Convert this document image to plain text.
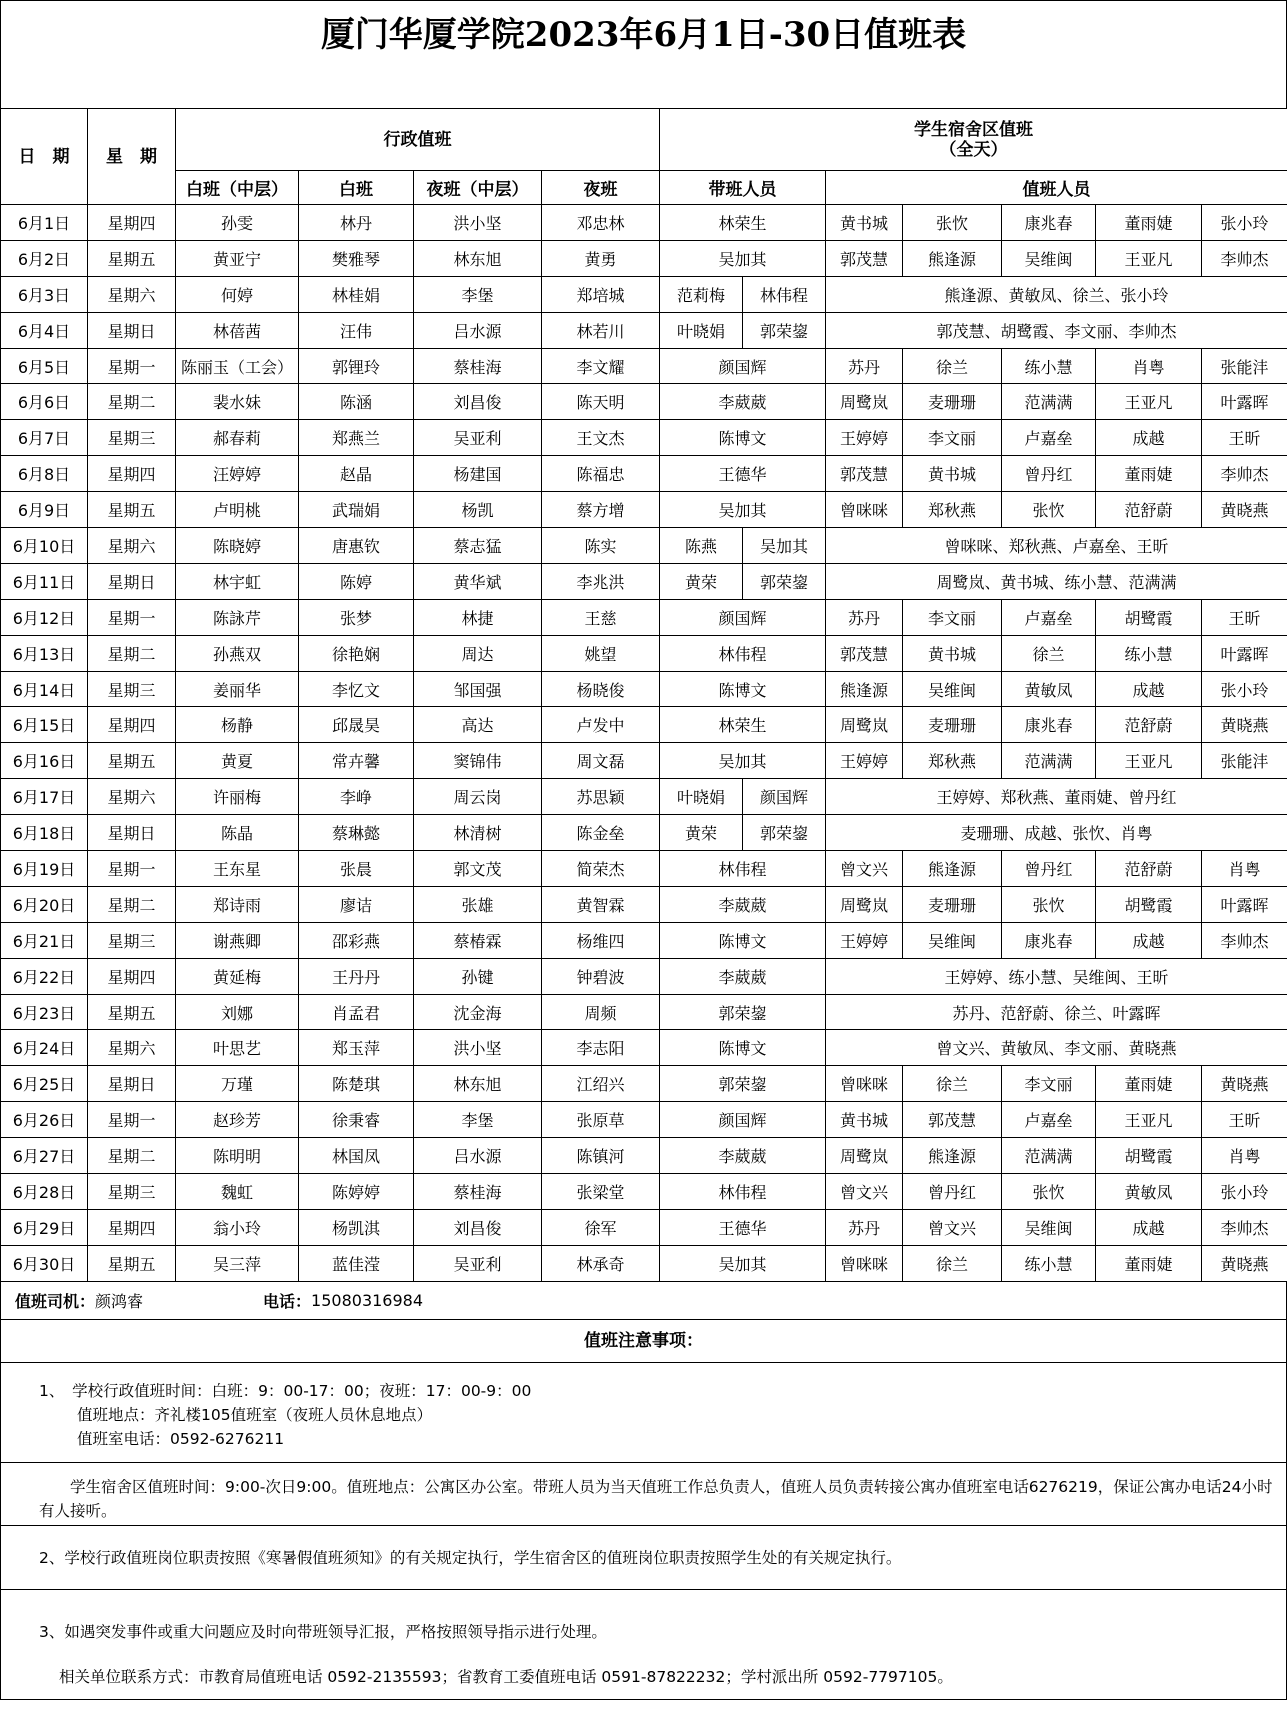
厦门华厦学院2023年6月1日-30日值班表
日　期	星　期	行政值班				学生宿舍区值班
（全天）						
		白班（中层）	白班	夜班（中层）	夜班	带班人员		值班人员				
6月1日	星期四	孙雯	林丹	洪小坚	邓忠林	林荣生		黄书城	张忺	康兆春	董雨婕	张小玲
6月2日	星期五	黄亚宁	樊雅琴	林东旭	黄勇	吴加其		郭茂慧	熊逢源	吴维闽	王亚凡	李帅杰
6月3日	星期六	何婷	林桂娟	李堡	郑培城	范莉梅	林伟程	熊逢源、黄敏凤、徐兰、张小玲				
6月4日	星期日	林蓓茜	汪伟	吕水源	林若川	叶晓娟	郭荣鋆	郭茂慧、胡鹭霞、李文丽、李帅杰				
6月5日	星期一	陈丽玉（工会）	郭锂玲	蔡桂海	李文耀	颜国辉		苏丹	徐兰	练小慧	肖粤	张能沣
6月6日	星期二	裴水妹	陈涵	刘昌俊	陈天明	李葳葳		周鹭岚	麦珊珊	范满满	王亚凡	叶露晖
6月7日	星期三	郝春莉	郑燕兰	吴亚利	王文杰	陈博文		王婷婷	李文丽	卢嘉垒	成越	王昕
6月8日	星期四	汪婷婷	赵晶	杨建国	陈福忠	王德华		郭茂慧	黄书城	曾丹红	董雨婕	李帅杰
6月9日	星期五	卢明桃	武瑞娟	杨凯	蔡方增	吴加其		曾咪咪	郑秋燕	张忺	范舒蔚	黄晓燕
6月10日	星期六	陈晓婷	唐惠钦	蔡志猛	陈实	陈燕	吴加其	曾咪咪、郑秋燕、卢嘉垒、王昕				
6月11日	星期日	林宇虹	陈婷	黄华斌	李兆洪	黄荣	郭荣鋆	周鹭岚、黄书城、练小慧、范满满				
6月12日	星期一	陈詠芹	张梦	林捷	王慈	颜国辉		苏丹	李文丽	卢嘉垒	胡鹭霞	王昕
6月13日	星期二	孙燕双	徐艳娴	周达	姚望	林伟程		郭茂慧	黄书城	徐兰	练小慧	叶露晖
6月14日	星期三	姜丽华	李忆文	邹国强	杨晓俊	陈博文		熊逢源	吴维闽	黄敏凤	成越	张小玲
6月15日	星期四	杨静	邱晟昊	高达	卢发中	林荣生		周鹭岚	麦珊珊	康兆春	范舒蔚	黄晓燕
6月16日	星期五	黄夏	常卉馨	窦锦伟	周文磊	吴加其		王婷婷	郑秋燕	范满满	王亚凡	张能沣
6月17日	星期六	许丽梅	李峥	周云岗	苏思颖	叶晓娟	颜国辉	王婷婷、郑秋燕、董雨婕、曾丹红				
6月18日	星期日	陈晶	蔡琳懿	林清树	陈金垒	黄荣	郭荣鋆	麦珊珊、成越、张忺、肖粤				
6月19日	星期一	王东星	张晨	郭文茂	简荣杰	林伟程		曾文兴	熊逢源	曾丹红	范舒蔚	肖粤
6月20日	星期二	郑诗雨	廖诘	张雄	黄智霖	李葳葳		周鹭岚	麦珊珊	张忺	胡鹭霞	叶露晖
6月21日	星期三	谢燕卿	邵彩燕	蔡椿霖	杨维四	陈博文		王婷婷	吴维闽	康兆春	成越	李帅杰
6月22日	星期四	黄延梅	王丹丹	孙键	钟碧波	李葳葳		王婷婷、练小慧、吴维闽、王昕				
6月23日	星期五	刘娜	肖孟君	沈金海	周频	郭荣鋆		苏丹、范舒蔚、徐兰、叶露晖				
6月24日	星期六	叶思艺	郑玉萍	洪小坚	李志阳	陈博文		曾文兴、黄敏凤、李文丽、黄晓燕				
6月25日	星期日	万瑾	陈楚琪	林东旭	江绍兴	郭荣鋆		曾咪咪	徐兰	李文丽	董雨婕	黄晓燕
6月26日	星期一	赵珍芳	徐秉睿	李堡	张原草	颜国辉		黄书城	郭茂慧	卢嘉垒	王亚凡	王昕
6月27日	星期二	陈明明	林国凤	吕水源	陈镇河	李葳葳		周鹭岚	熊逢源	范满满	胡鹭霞	肖粤
6月28日	星期三	魏虹	陈婷婷	蔡桂海	张梁堂	林伟程		曾文兴	曾丹红	张忺	黄敏凤	张小玲
6月29日	星期四	翁小玲	杨凯淇	刘昌俊	徐军	王德华		苏丹	曾文兴	吴维闽	成越	李帅杰
6月30日	星期五	吴三萍	蓝佳滢	吴亚利	林承奇	吴加其		曾咪咪	徐兰	练小慧	董雨婕	黄晓燕
值班司机： 颜鸿睿	电话： 15080316984
值班注意事项：
1、　学校行政值班时间：白班：9：00-17：00；夜班：17：00-9：00
值班地点：齐礼楼105值班室（夜班人员休息地点）
值班室电话：0592-6276211
　　学生宿舍区值班时间：9:00-次日9:00。值班地点：公寓区办公室。带班人员为当天值班工作总负责人，值班人员负责转接公寓办值班室电话6276219，保证公寓办电话24小时有人接听。
2、学校行政值班岗位职责按照《寒暑假值班须知》的有关规定执行，学生宿舍区的值班岗位职责按照学生处的有关规定执行。
3、如遇突发事件或重大问题应及时向带班领导汇报，严格按照领导指示进行处理。
相关单位联系方式：市教育局值班电话 0592-2135593；省教育工委值班电话 0591-87822232；学村派出所 0592-7797105。
